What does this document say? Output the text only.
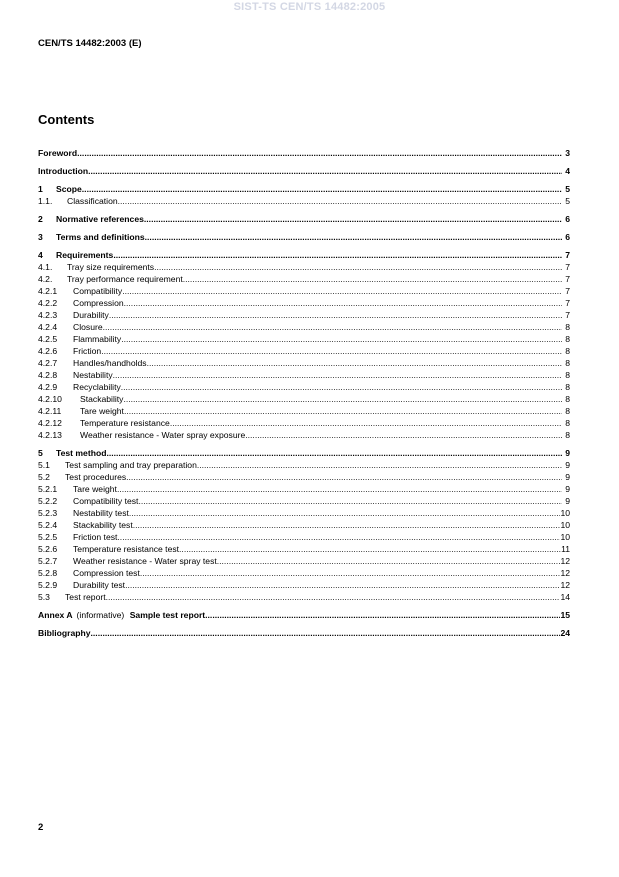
SIST-TS CEN/TS 14482:2005
CEN/TS 14482:2003 (E)
Contents
Foreword .....	3
Introduction .....	4
1	Scope .....	5
1.1.	Classification .....	5
2	Normative references .....	6
3	Terms and definitions .....	6
4	Requirements .....	7
4.1.	Tray size requirements .....	7
4.2.	Tray performance requirement .....	7
4.2.1	Compatibility .....	7
4.2.2	Compression .....	7
4.2.3	Durability .....	7
4.2.4	Closure .....	8
4.2.5	Flammability .....	8
4.2.6	Friction .....	8
4.2.7	Handles/handholds .....	8
4.2.8	Nestability .....	8
4.2.9	Recyclability .....	8
4.2.10	Stackability .....	8
4.2.11	Tare weight .....	8
4.2.12	Temperature resistance .....	8
4.2.13	Weather resistance - Water spray exposure .....	8
5	Test method .....	9
5.1	Test sampling and tray preparation .....	9
5.2	Test procedures .....	9
5.2.1	Tare weight .....	9
5.2.2	Compatibility test .....	9
5.2.3	Nestability test .....	10
5.2.4	Stackability test .....	10
5.2.5	Friction test .....	10
5.2.6	Temperature resistance test .....	11
5.2.7	Weather resistance - Water spray test .....	12
5.2.8	Compression test .....	12
5.2.9	Durability test .....	12
5.3	Test report .....	14
Annex A (informative) Sample test report .....	15
Bibliography .....	24
2
